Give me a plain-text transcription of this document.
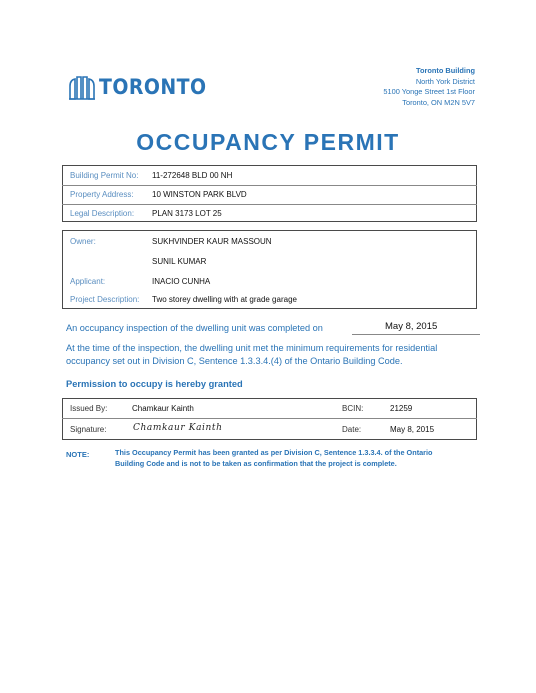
TORONTO
Toronto Building
North York District
5100 Yonge Street 1st Floor
Toronto, ON M2N 5V7
OCCUPANCY PERMIT
Building Permit No: 11-272648 BLD 00 NH
Property Address: 10 WINSTON PARK BLVD
Legal Description: PLAN 3173 LOT 25
Owner:	SUKHVINDER KAUR MASSOUN
SUNIL KUMAR
Applicant:	INACIO CUNHA
Project Description: Two storey dwelling with at grade garage
An occupancy inspection of the dwelling unit was completed on	May 8, 2015
At the time of the inspection, the dwelling unit met the minimum requirements for residential
occupancy set out in Division C, Sentence 1.3.3.4.(4) of the Ontario Building Code.
Permission to occupy is hereby granted
Issued By:	Chamkaur Kainth	BCIN:	21259
Signature:	Chamkaur Kainth	Date:	May 8, 2015
NOTE:	This Occupancy Permit has been granted as per Division C, Sentence 1.3.3.4. of the Ontario
Building Code and is not to be taken as confirmation that the project is complete.
